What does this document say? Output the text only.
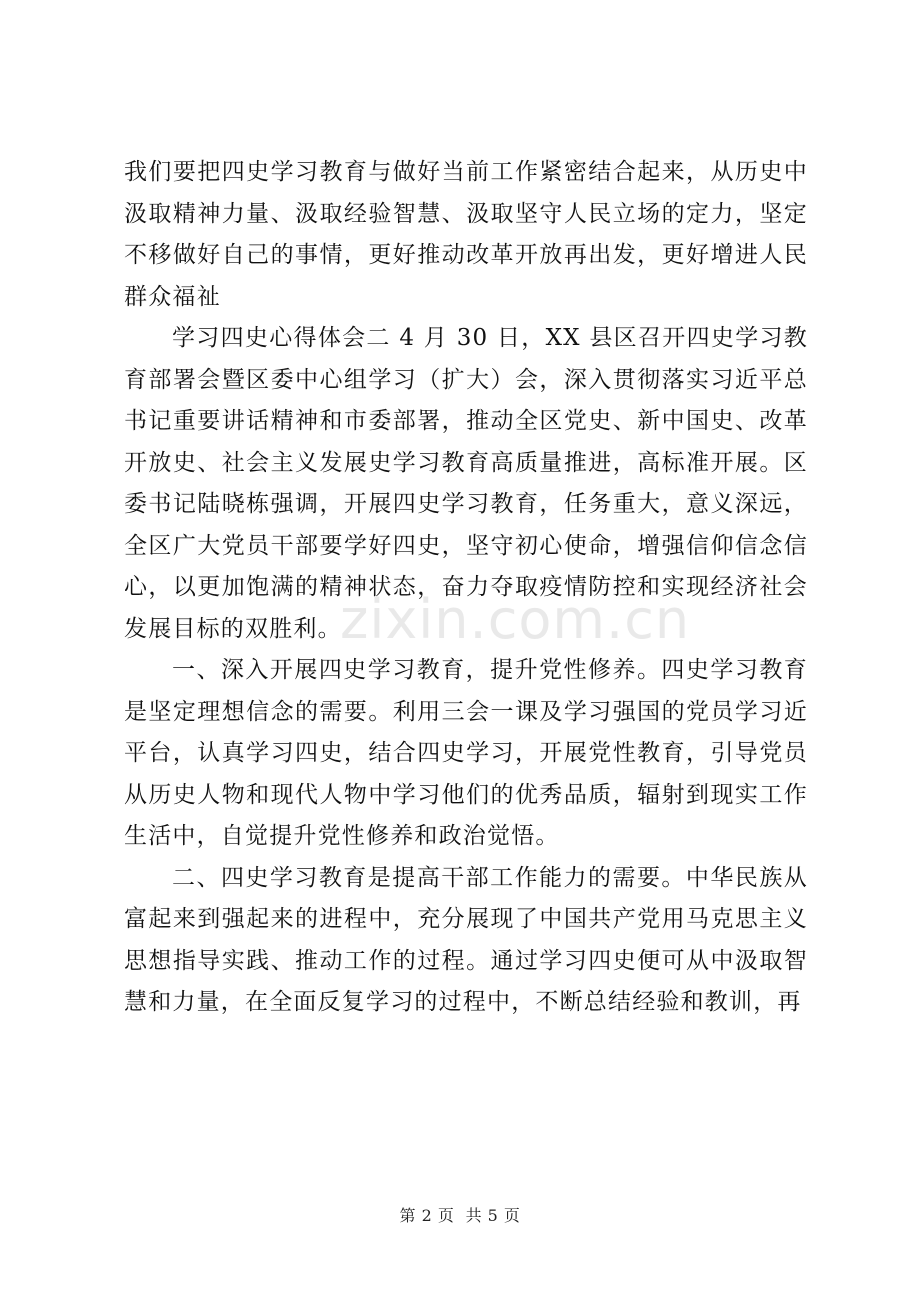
zixin.com.cn

我们要把四史学习教育与做好当前工作紧密结合起来，从历史中汲取精神力量、汲取经验智慧、汲取坚守人民立场的定力，坚定不移做好自己的事情，更好推动改革开放再出发，更好增进人民群众福祉

学习四史心得体会二 4 月 30 日，XX 县区召开四史学习教育部署会暨区委中心组学习（扩大）会，深入贯彻落实习近平总书记重要讲话精神和市委部署，推动全区党史、新中国史、改革开放史、社会主义发展史学习教育高质量推进，高标准开展。区委书记陆晓栋强调，开展四史学习教育，任务重大，意义深远，全区广大党员干部要学好四史，坚守初心使命，增强信仰信念信心，以更加饱满的精神状态，奋力夺取疫情防控和实现经济社会发展目标的双胜利。

一、深入开展四史学习教育，提升党性修养。四史学习教育是坚定理想信念的需要。利用三会一课及学习强国的党员学习近平台，认真学习四史，结合四史学习，开展党性教育，引导党员从历史人物和现代人物中学习他们的优秀品质，辐射到现实工作生活中，自觉提升党性修养和政治觉悟。

二、四史学习教育是提高干部工作能力的需要。中华民族从富起来到强起来的进程中，充分展现了中国共产党用马克思主义思想指导实践、推动工作的过程。通过学习四史便可从中汲取智慧和力量，在全面反复学习的过程中，不断总结经验和教训，再

第 2 页  共 5 页
